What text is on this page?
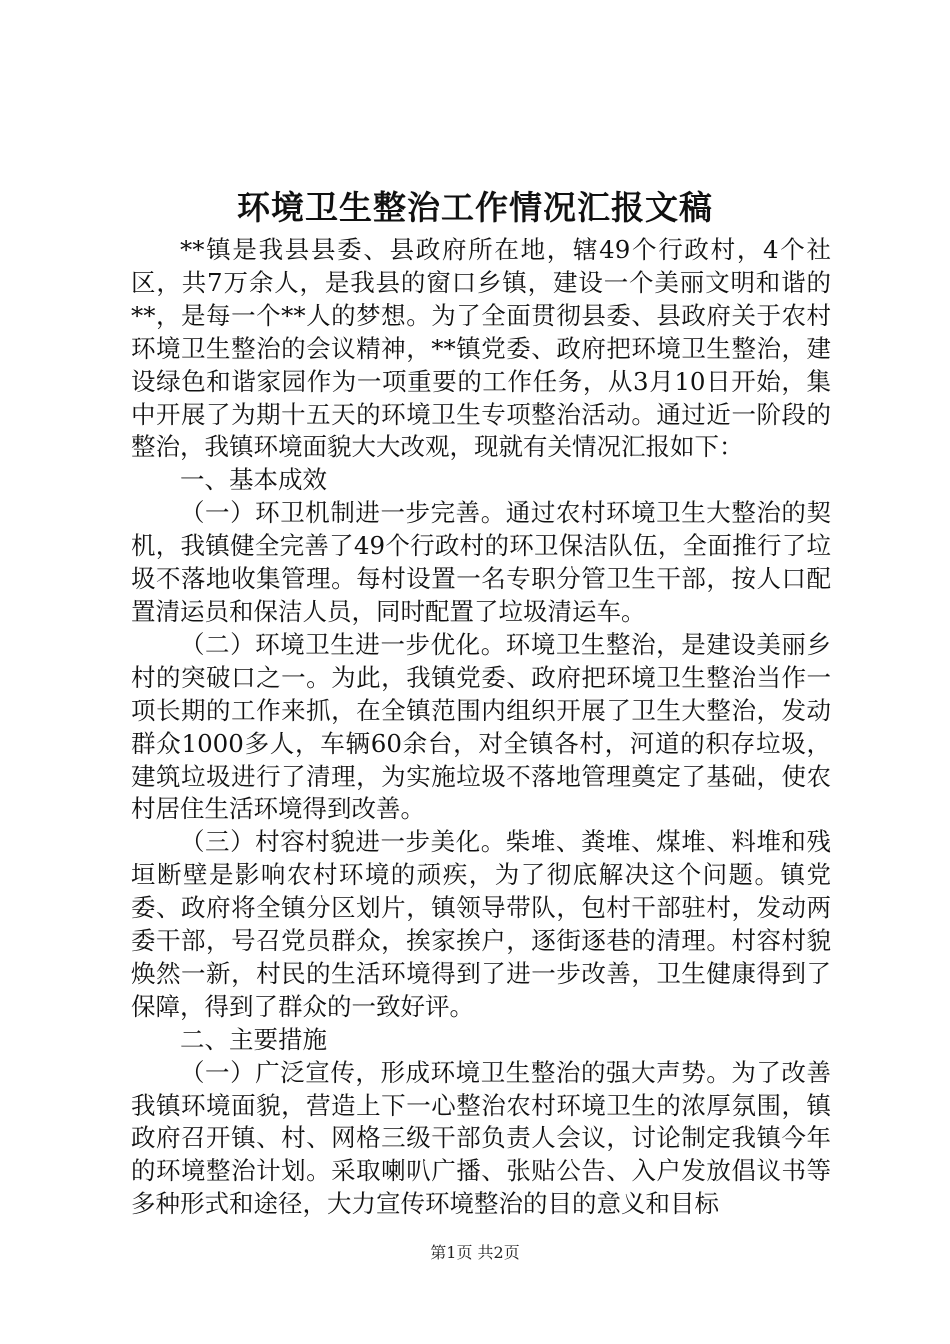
环境卫生整治工作情况汇报文稿

**镇是我县县委、县政府所在地，辖49个行政村，4个社区，共7万余人，是我县的窗口乡镇，建设一个美丽文明和谐的**，是每一个**人的梦想。为了全面贯彻县委、县政府关于农村环境卫生整治的会议精神，**镇党委、政府把环境卫生整治，建设绿色和谐家园作为一项重要的工作任务，从3月10日开始，集中开展了为期十五天的环境卫生专项整治活动。通过近一阶段的整治，我镇环境面貌大大改观，现就有关情况汇报如下：

一、基本成效

（一）环卫机制进一步完善。通过农村环境卫生大整治的契机，我镇健全完善了49个行政村的环卫保洁队伍，全面推行了垃圾不落地收集管理。每村设置一名专职分管卫生干部，按人口配置清运员和保洁人员，同时配置了垃圾清运车。

（二）环境卫生进一步优化。环境卫生整治，是建设美丽乡村的突破口之一。为此，我镇党委、政府把环境卫生整治当作一项长期的工作来抓，在全镇范围内组织开展了卫生大整治，发动群众1000多人，车辆60余台，对全镇各村，河道的积存垃圾，建筑垃圾进行了清理，为实施垃圾不落地管理奠定了基础，使农村居住生活环境得到改善。

（三）村容村貌进一步美化。柴堆、粪堆、煤堆、料堆和残垣断壁是影响农村环境的顽疾，为了彻底解决这个问题。镇党委、政府将全镇分区划片，镇领导带队，包村干部驻村，发动两委干部，号召党员群众，挨家挨户，逐街逐巷的清理。村容村貌焕然一新，村民的生活环境得到了进一步改善，卫生健康得到了保障，得到了群众的一致好评。

二、主要措施

（一）广泛宣传，形成环境卫生整治的强大声势。为了改善我镇环境面貌，营造上下一心整治农村环境卫生的浓厚氛围，镇政府召开镇、村、网格三级干部负责人会议，讨论制定我镇今年的环境整治计划。采取喇叭广播、张贴公告、入户发放倡议书等多种形式和途径，大力宣传环境整治的目的意义和目标

第1页 共2页
